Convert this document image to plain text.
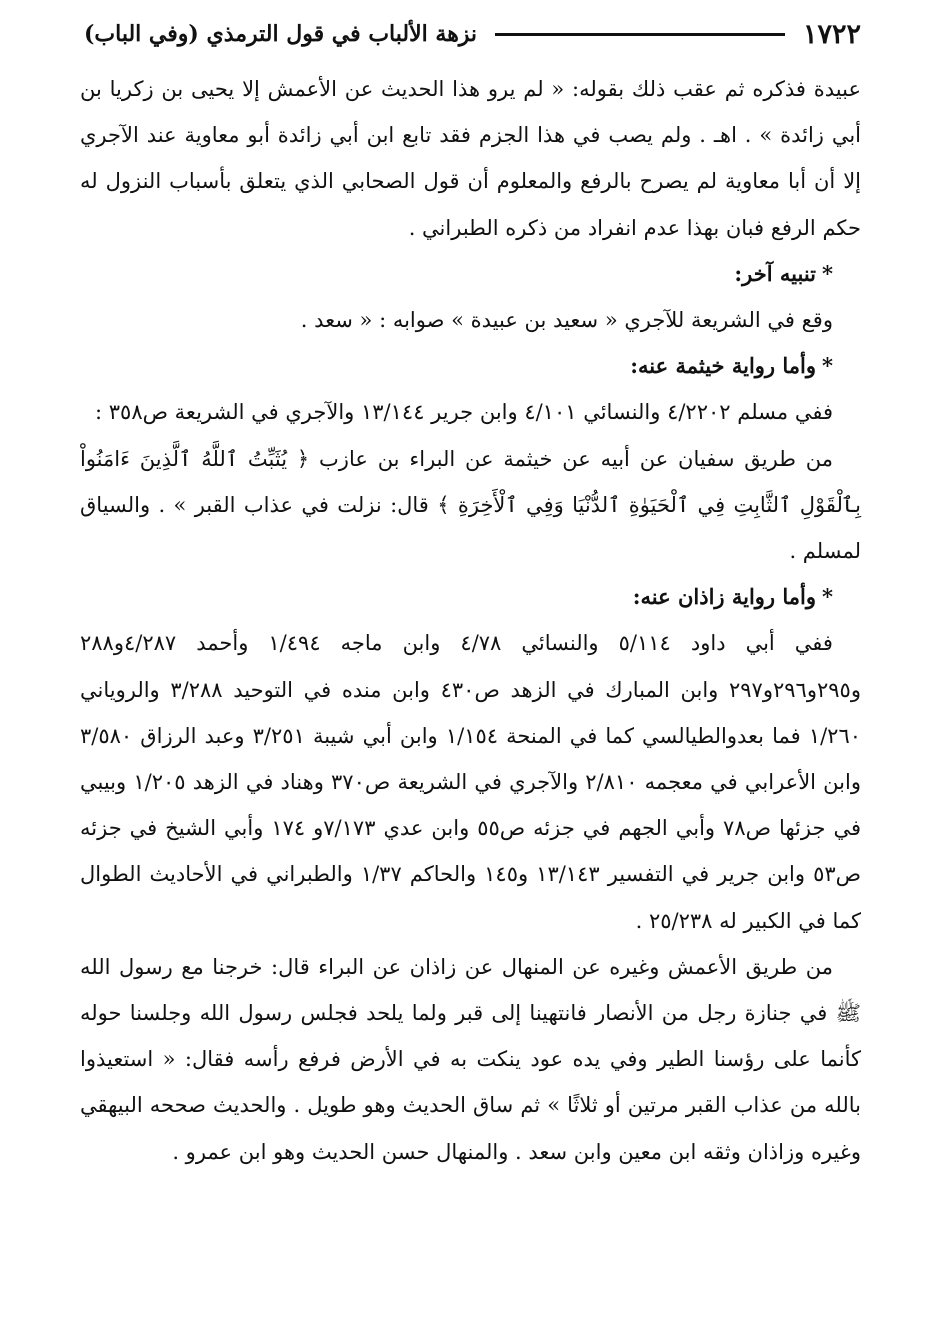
١٧٢٢
نزهة الألباب في قول الترمذي (وفي الباب)

عبيدة فذكره ثم عقب ذلك بقوله: « لم يرو هذا الحديث عن الأعمش إلا يحيى بن زكريا بن أبي زائدة » . اهـ . ولم يصب في هذا الجزم فقد تابع ابن أبي زائدة أبو معاوية عند الآجري إلا أن أبا معاوية لم يصرح بالرفع والمعلوم أن قول الصحابي الذي يتعلق بأسباب النزول له حكم الرفع فبان بهذا عدم انفراد من ذكره الطبراني .

*تنبيه آخر:

وقع في الشريعة للآجري « سعيد بن عبيدة » صوابه : « سعد .

*وأما رواية خيثمة عنه:

ففي مسلم ٤/٢٢٠٢ والنسائي ٤/١٠١ وابن جرير ١٣/١٤٤ والآجري في الشريعة ص٣٥٨ :

من طريق سفيان عن أبيه عن خيثمة عن البراء بن عازب ﴿ يُثَبِّتُ ٱللَّهُ ٱلَّذِينَ ءَامَنُواْ بِٱلْقَوْلِ ٱلثَّابِتِ فِي ٱلْحَيَوٰةِ ٱلدُّنْيَا وَفِي ٱلْأَخِرَةِ ﴾ قال: نزلت في عذاب القبر » . والسياق لمسلم .

*وأما رواية زاذان عنه:

ففي أبي داود ٥/١١٤ والنسائي ٤/٧٨ وابن ماجه ١/٤٩٤ وأحمد ٤/٢٨٧و٢٨٨ و٢٩٥و٢٩٦و٢٩٧ وابن المبارك في الزهد ص٤٣٠ وابن منده في التوحيد ٣/٢٨٨ والروياني ١/٢٦٠ فما بعدوالطيالسي كما في المنحة ١/١٥٤ وابن أبي شيبة ٣/٢٥١ وعبد الرزاق ٣/٥٨٠ وابن الأعرابي في معجمه ٢/٨١٠ والآجري في الشريعة ص٣٧٠ وهناد في الزهد ١/٢٠٥ وبيبي في جزئها ص٧٨ وأبي الجهم في جزئه ص٥٥ وابن عدي ٧/١٧٣و ١٧٤ وأبي الشيخ في جزئه ص٥٣ وابن جرير في التفسير ١٣/١٤٣ و١٤٥ والحاكم ١/٣٧ والطبراني في الأحاديث الطوال كما في الكبير له ٢٥/٢٣٨ .

من طريق الأعمش وغيره عن المنهال عن زاذان عن البراء قال: خرجنا مع رسول الله ﷺ في جنازة رجل من الأنصار فانتهينا إلى قبر ولما يلحد فجلس رسول الله وجلسنا حوله كأنما على رؤسنا الطير وفي يده عود ينكت به في الأرض فرفع رأسه فقال: « استعيذوا بالله من عذاب القبر مرتين أو ثلاثًا » ثم ساق الحديث وهو طويل . والحديث صححه البيهقي وغيره وزاذان وثقه ابن معين وابن سعد . والمنهال حسن الحديث وهو ابن عمرو .
